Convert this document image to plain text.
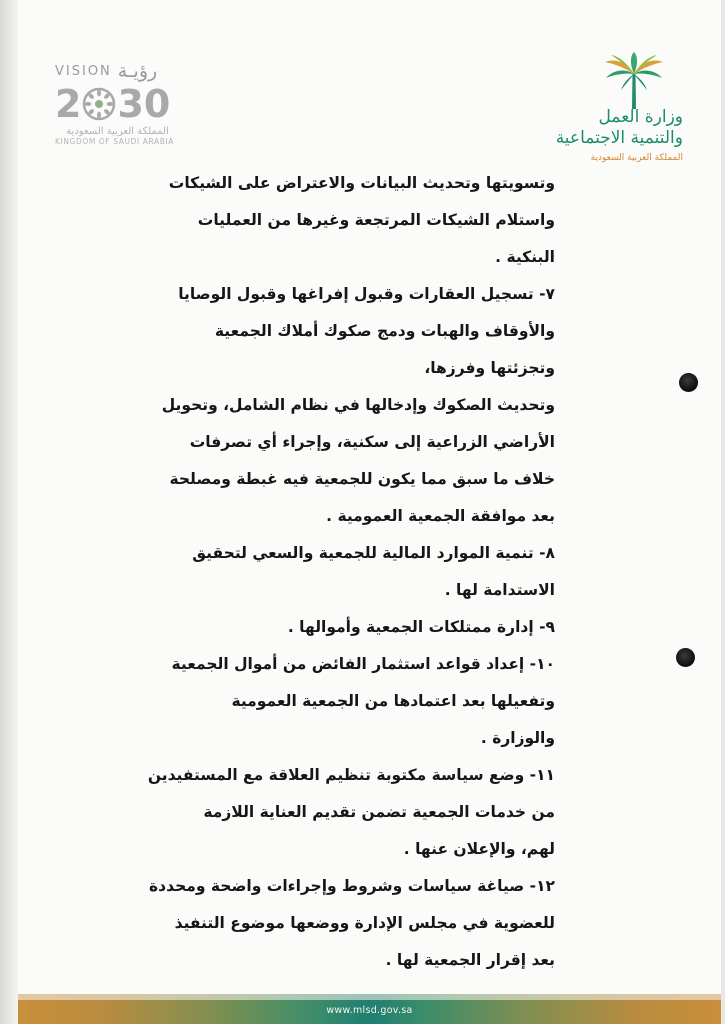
VISION رؤيـة
2 30
المملكة العربية السعودية
KINGDOM OF SAUDI ARABIA
وزارة العمل
والتنمية الاجتماعية
المملكة العربية السعودية
وتسويتها وتحديث البيانات والاعتراض على الشيكات
واستلام الشيكات المرتجعة وغيرها من العمليات
البنكية .
٧- تسجيل العقارات وقبول إفراغها وقبول الوصايا
والأوقاف والهبات ودمج صكوك أملاك الجمعية
وتجزئتها وفرزها،
وتحديث الصكوك وإدخالها في نظام الشامل، وتحويل
الأراضي الزراعية إلى سكنية، وإجراء أي تصرفات
خلاف ما سبق مما يكون للجمعية فيه غبطة ومصلحة
بعد موافقة الجمعية العمومية .
٨- تنمية الموارد المالية للجمعية والسعي لتحقيق
الاستدامة لها .
٩- إدارة ممتلكات الجمعية وأموالها .
١٠- إعداد قواعد استثمار الفائض من أموال الجمعية
وتفعيلها بعد اعتمادها من الجمعية العمومية
والوزارة .
١١- وضع سياسة مكتوبة تنظيم العلاقة مع المستفيدين
من خدمات الجمعية تضمن تقديم العناية اللازمة
لهم، والإعلان عنها .
١٢- صياغة سياسات وشروط وإجراءات واضحة ومحددة
للعضوية في مجلس الإدارة ووضعها موضوع التنفيذ
بعد إقرار الجمعية لها .
www.mlsd.gov.sa
